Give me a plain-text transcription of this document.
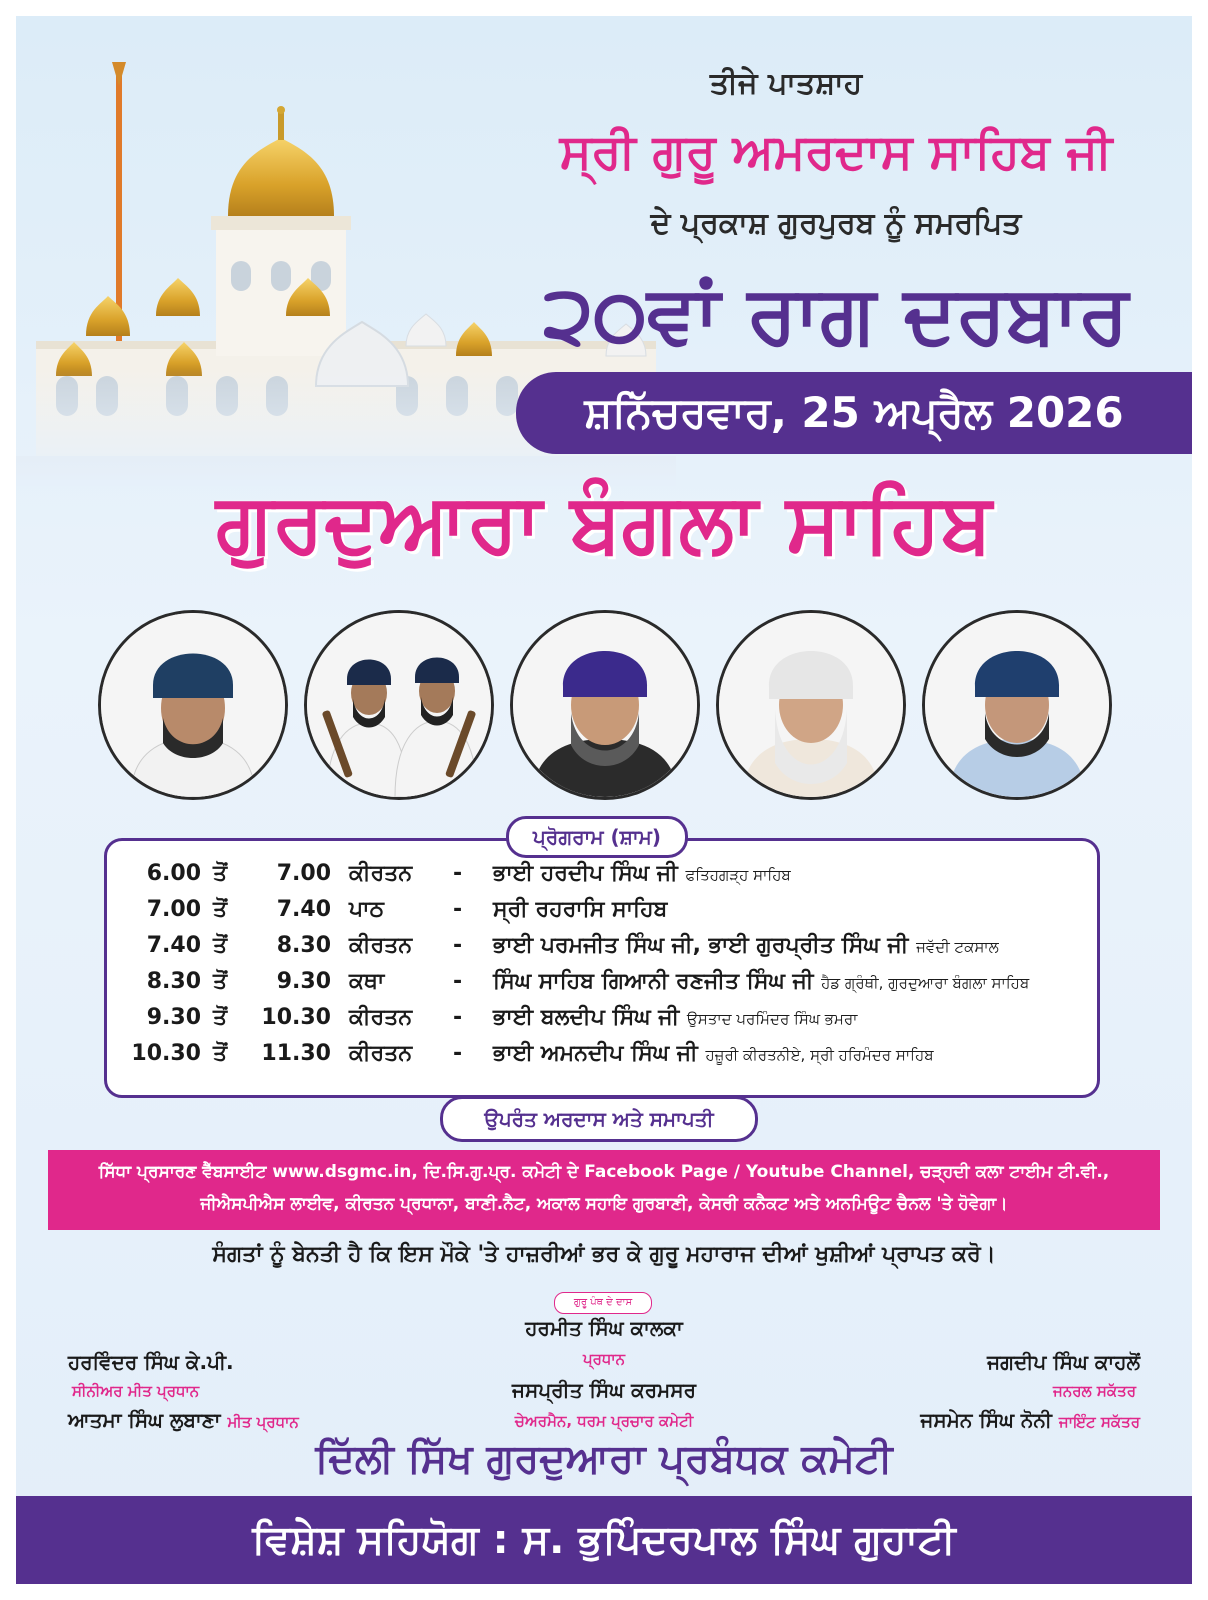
ਤੀਜੇ ਪਾਤਸ਼ਾਹ
ਸ੍ਰੀ ਗੁਰੂ ਅਮਰਦਾਸ ਸਾਹਿਬ ਜੀ
ਦੇ ਪ੍ਰਕਾਸ਼ ਗੁਰਪੁਰਬ ਨੂੰ ਸਮਰਪਿਤ
੨੦ਵਾਂ ਰਾਗ ਦਰਬਾਰ
ਸ਼ਨਿੱਚਰਵਾਰ, 25 ਅਪ੍ਰੈਲ 2026
ਗੁਰਦੁਆਰਾ ਬੰਗਲਾ ਸਾਹਿਬ
6.00 ਤੋਂ	7.00 ਕੀਰਤਨ - ਭਾਈ ਹਰਦੀਪ ਸਿੰਘ ਜੀ ਫਤਿਹਗੜ੍ਹ ਸਾਹਿਬ
7.00 ਤੋਂ	7.40 ਪਾਠ	- ਸ੍ਰੀ ਰਹਰਾਸਿ ਸਾਹਿਬ
7.40 ਤੋਂ	8.30 ਕੀਰਤਨ - ਭਾਈ ਪਰਮਜੀਤ ਸਿੰਘ ਜੀ, ਭਾਈ ਗੁਰਪ੍ਰੀਤ ਸਿੰਘ ਜੀ ਜਵੱਦੀ ਟਕਸਾਲ
8.30 ਤੋਂ	9.30 ਕਥਾ	- ਸਿੰਘ ਸਾਹਿਬ ਗਿਆਨੀ ਰਣਜੀਤ ਸਿੰਘ ਜੀ ਹੈਡ ਗ੍ਰੰਥੀ, ਗੁਰਦੁਆਰਾ ਬੰਗਲਾ ਸਾਹਿਬ
9.30 ਤੋਂ	10.30 ਕੀਰਤਨ - ਭਾਈ ਬਲਦੀਪ ਸਿੰਘ ਜੀ ਉਸਤਾਦ ਪਰਮਿੰਦਰ ਸਿੰਘ ਭਮਰਾ
10.30 ਤੋਂ	11.30 ਕੀਰਤਨ - ਭਾਈ ਅਮਨਦੀਪ ਸਿੰਘ ਜੀ ਹਜ਼ੂਰੀ ਕੀਰਤਨੀਏ, ਸ੍ਰੀ ਹਰਿਮੰਦਰ ਸਾਹਿਬ
ਪ੍ਰੋਗਰਾਮ (ਸ਼ਾਮ)
ਉਪਰੰਤ ਅਰਦਾਸ ਅਤੇ ਸਮਾਪਤੀ
ਸਿੱਧਾ ਪ੍ਰਸਾਰਣ ਵੈੱਬਸਾਈਟ www.dsgmc.in, ਦਿ.ਸਿ.ਗੁ.ਪ੍ਰ. ਕਮੇਟੀ ਦੇ Facebook Page / Youtube Channel, ਚੜ੍ਹਦੀ ਕਲਾ ਟਾਈਮ ਟੀ.ਵੀ.,
ਜੀਐਸਪੀਐਸ ਲਾਈਵ, ਕੀਰਤਨ ਪ੍ਰਧਾਨਾ, ਬਾਣੀ.ਨੈਟ, ਅਕਾਲ ਸਹਾਇ ਗੁਰਬਾਣੀ, ਕੇਸਰੀ ਕਨੈਕਟ ਅਤੇ ਅਨਮਿਊਟ ਚੈਨਲ 'ਤੇ ਹੋਵੇਗਾ।
ਸੰਗਤਾਂ ਨੂੰ ਬੇਨਤੀ ਹੈ ਕਿ ਇਸ ਮੌਕੇ 'ਤੇ ਹਾਜ਼ਰੀਆਂ ਭਰ ਕੇ ਗੁਰੂ ਮਹਾਰਾਜ ਦੀਆਂ ਖੁਸ਼ੀਆਂ ਪ੍ਰਾਪਤ ਕਰੋ।
ਗੁਰੂ ਪੰਥ ਦੇ ਦਾਸ
ਹਰਮੀਤ ਸਿੰਘ ਕਾਲਕਾ
ਪ੍ਰਧਾਨ
ਜਸਪ੍ਰੀਤ ਸਿੰਘ ਕਰਮਸਰ
ਚੇਅਰਮੈਨ, ਧਰਮ ਪ੍ਰਚਾਰ ਕਮੇਟੀ
ਹਰਵਿੰਦਰ ਸਿੰਘ ਕੇ.ਪੀ.
ਸੀਨੀਅਰ ਮੀਤ ਪ੍ਰਧਾਨ
ਆਤਮਾ ਸਿੰਘ ਲੁਬਾਣਾ ਮੀਤ ਪ੍ਰਧਾਨ
ਜਗਦੀਪ ਸਿੰਘ ਕਾਹਲੋਂ
ਜਨਰਲ ਸਕੱਤਰ
ਜਸਮੇਨ ਸਿੰਘ ਨੋਨੀ ਜਾਇੰਟ ਸਕੱਤਰ
ਦਿੱਲੀ ਸਿੱਖ ਗੁਰਦੁਆਰਾ ਪ੍ਰਬੰਧਕ ਕਮੇਟੀ
ਵਿਸ਼ੇਸ਼ ਸਹਿਯੋਗ : ਸ. ਭੁਪਿੰਦਰਪਾਲ ਸਿੰਘ ਗੁਹਾਟੀ
